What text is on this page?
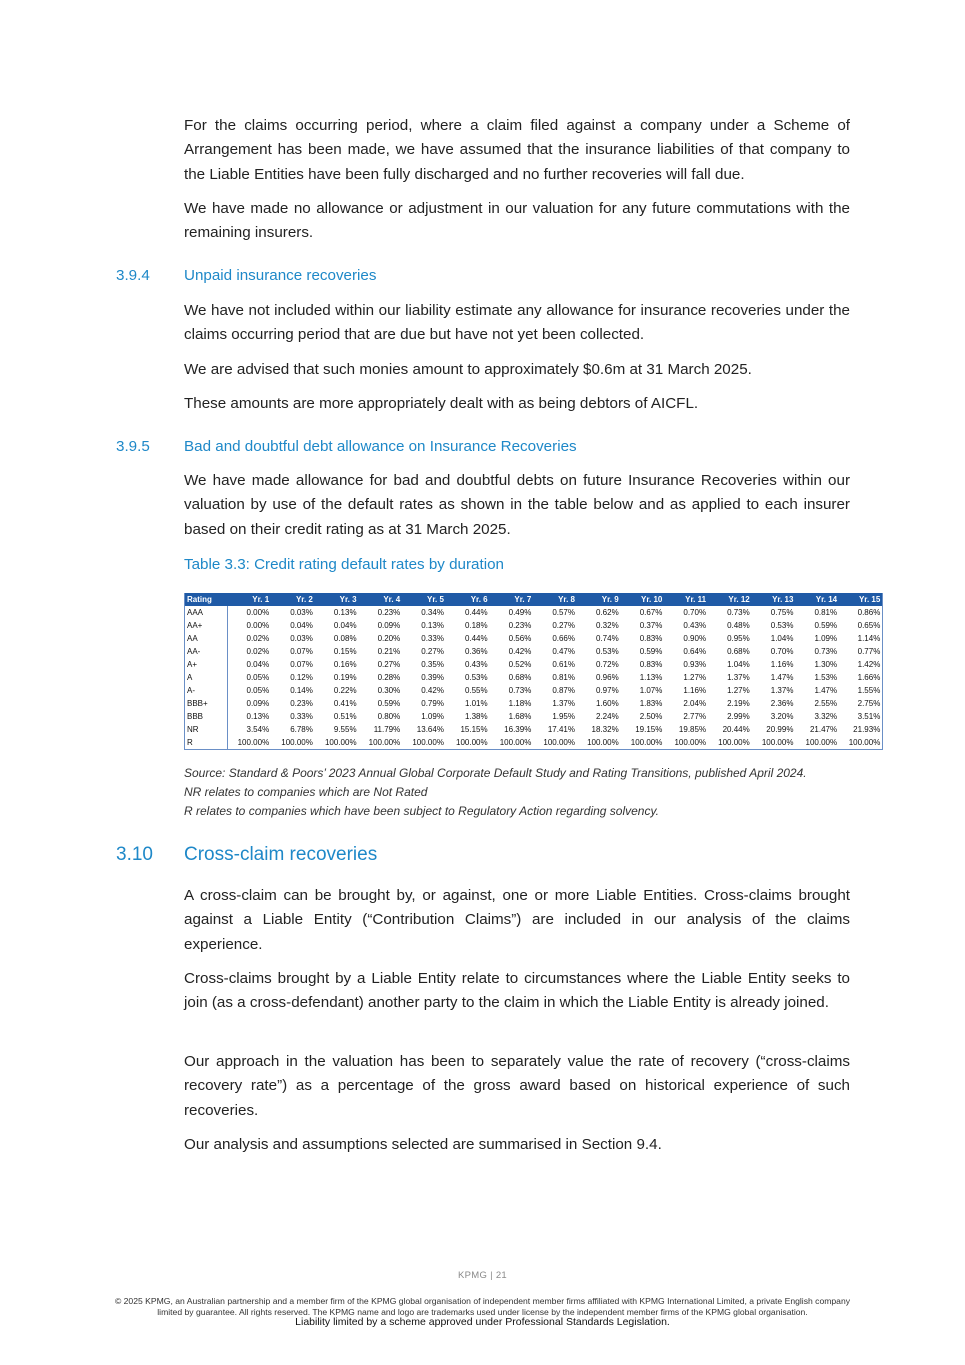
For the claims occurring period, where a claim filed against a company under a Scheme of Arrangement has been made, we have assumed that the insurance liabilities of that company to the Liable Entities have been fully discharged and no further recoveries will fall due.

We have made no allowance or adjustment in our valuation for any future commutations with the remaining insurers.

3.9.4 Unpaid insurance recoveries

We have not included within our liability estimate any allowance for insurance recoveries under the claims occurring period that are due but have not yet been collected.

We are advised that such monies amount to approximately $0.6m at 31 March 2025.

These amounts are more appropriately dealt with as being debtors of AICFL.

3.9.5 Bad and doubtful debt allowance on Insurance Recoveries

We have made allowance for bad and doubtful debts on future Insurance Recoveries within our valuation by use of the default rates as shown in the table below and as applied to each insurer based on their credit rating as at 31 March 2025.

Table 3.3: Credit rating default rates by duration
Rating	Yr. 1	Yr. 2	Yr. 3	Yr. 4	Yr. 5	Yr. 6	Yr. 7	Yr. 8	Yr. 9	Yr. 10	Yr. 11	Yr. 12	Yr. 13	Yr. 14	Yr. 15
AAA	0.00%	0.03%	0.13%	0.23%	0.34%	0.44%	0.49%	0.57%	0.62%	0.67%	0.70%	0.73%	0.75%	0.81%	0.86%
AA+	0.00%	0.04%	0.04%	0.09%	0.13%	0.18%	0.23%	0.27%	0.32%	0.37%	0.43%	0.48%	0.53%	0.59%	0.65%
AA	0.02%	0.03%	0.08%	0.20%	0.33%	0.44%	0.56%	0.66%	0.74%	0.83%	0.90%	0.95%	1.04%	1.09%	1.14%
AA-	0.02%	0.07%	0.15%	0.21%	0.27%	0.36%	0.42%	0.47%	0.53%	0.59%	0.64%	0.68%	0.70%	0.73%	0.77%
A+	0.04%	0.07%	0.16%	0.27%	0.35%	0.43%	0.52%	0.61%	0.72%	0.83%	0.93%	1.04%	1.16%	1.30%	1.42%
A	0.05%	0.12%	0.19%	0.28%	0.39%	0.53%	0.68%	0.81%	0.96%	1.13%	1.27%	1.37%	1.47%	1.53%	1.66%
A-	0.05%	0.14%	0.22%	0.30%	0.42%	0.55%	0.73%	0.87%	0.97%	1.07%	1.16%	1.27%	1.37%	1.47%	1.55%
BBB+	0.09%	0.23%	0.41%	0.59%	0.79%	1.01%	1.18%	1.37%	1.60%	1.83%	2.04%	2.19%	2.36%	2.55%	2.75%
BBB	0.13%	0.33%	0.51%	0.80%	1.09%	1.38%	1.68%	1.95%	2.24%	2.50%	2.77%	2.99%	3.20%	3.32%	3.51%
NR	3.54%	6.78%	9.55%	11.79%	13.64%	15.15%	16.39%	17.41%	18.32%	19.15%	19.85%	20.44%	20.99%	21.47%	21.93%
R	100.00%	100.00%	100.00%	100.00%	100.00%	100.00%	100.00%	100.00%	100.00%	100.00%	100.00%	100.00%	100.00%	100.00%	100.00%

Source: Standard & Poors’ 2023 Annual Global Corporate Default Study and Rating Transitions, published April 2024.

NR relates to companies which are Not Rated

R relates to companies which have been subject to Regulatory Action regarding solvency.

3.10 Cross-claim recoveries

A cross-claim can be brought by, or against, one or more Liable Entities. Cross-claims brought against a Liable Entity (“Contribution Claims”) are included in our analysis of the claims experience.

Cross-claims brought by a Liable Entity relate to circumstances where the Liable Entity seeks to join (as a cross-defendant) another party to the claim in which the Liable Entity is already joined.

Our approach in the valuation has been to separately value the rate of recovery (“cross-claims recovery rate”) as a percentage of the gross award based on historical experience of such recoveries.

Our analysis and assumptions selected are summarised in Section 9.4.

KPMG | 21
© 2025 KPMG, an Australian partnership and a member firm of the KPMG global organisation of independent member firms affiliated with KPMG International Limited, a private English company limited by guarantee. All rights reserved. The KPMG name and logo are trademarks used under license by the independent member firms of the KPMG global organisation.
Liability limited by a scheme approved under Professional Standards Legislation.
